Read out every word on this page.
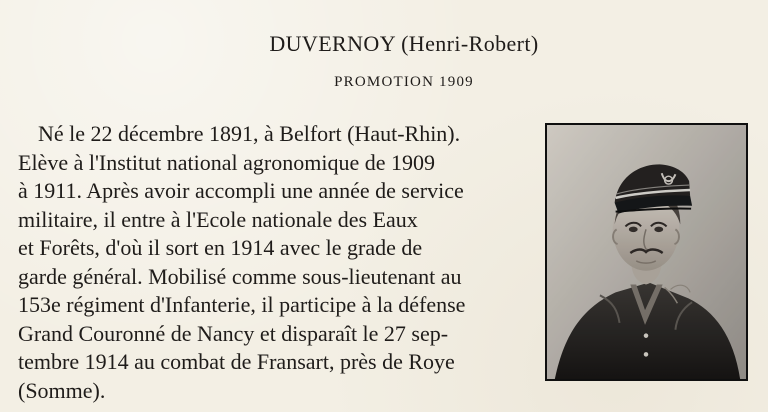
DUVERNOY (Henri-Robert)
PROMOTION 1909
Né le 22 décembre 1891, à Belfort (Haut-Rhin).
Elève à l'Institut national agronomique de 1909
à 1911. Après avoir accompli une année de service
militaire, il entre à l'Ecole nationale des Eaux
et Forêts, d'où il sort en 1914 avec le grade de
garde général. Mobilisé comme sous-lieutenant au
153e régiment d'Infanterie, il participe à la défense
Grand Couronné de Nancy et disparaît le 27 sep-
tembre 1914 au combat de Fransart, près de Roye
(Somme).
